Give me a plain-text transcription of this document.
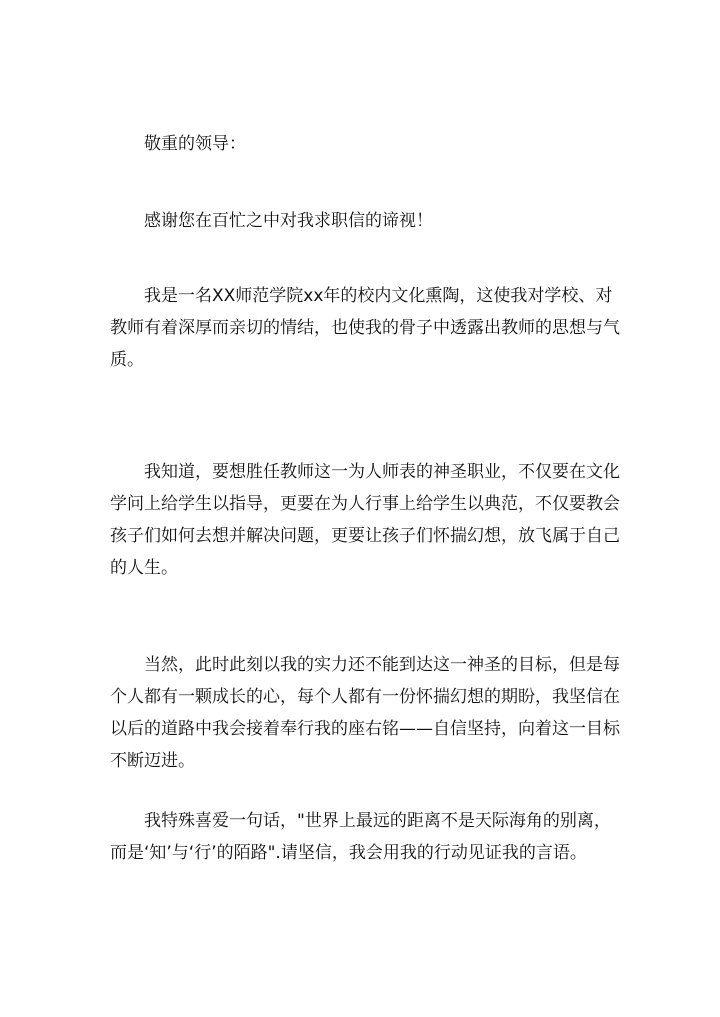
敬重的领导：

感谢您在百忙之中对我求职信的谛视！

我是一名XX师范学院xx年的校内文化熏陶，这使我对学校、对
教师有着深厚而亲切的情结，也使我的骨子中透露出教师的思想与气
质。

我知道，要想胜任教师这一为人师表的神圣职业，不仅要在文化
学问上给学生以指导，更要在为人行事上给学生以典范，不仅要教会
孩子们如何去想并解决问题，更要让孩子们怀揣幻想，放飞属于自己
的人生。

当然，此时此刻以我的实力还不能到达这一神圣的目标，但是每
个人都有一颗成长的心，每个人都有一份怀揣幻想的期盼，我坚信在
以后的道路中我会接着奉行我的座右铭——自信坚持，向着这一目标
不断迈进。

我特殊喜爱一句话，"世界上最远的距离不是天际海角的别离，
而是‘知’与‘行’的陌路".请坚信，我会用我的行动见证我的言语。
